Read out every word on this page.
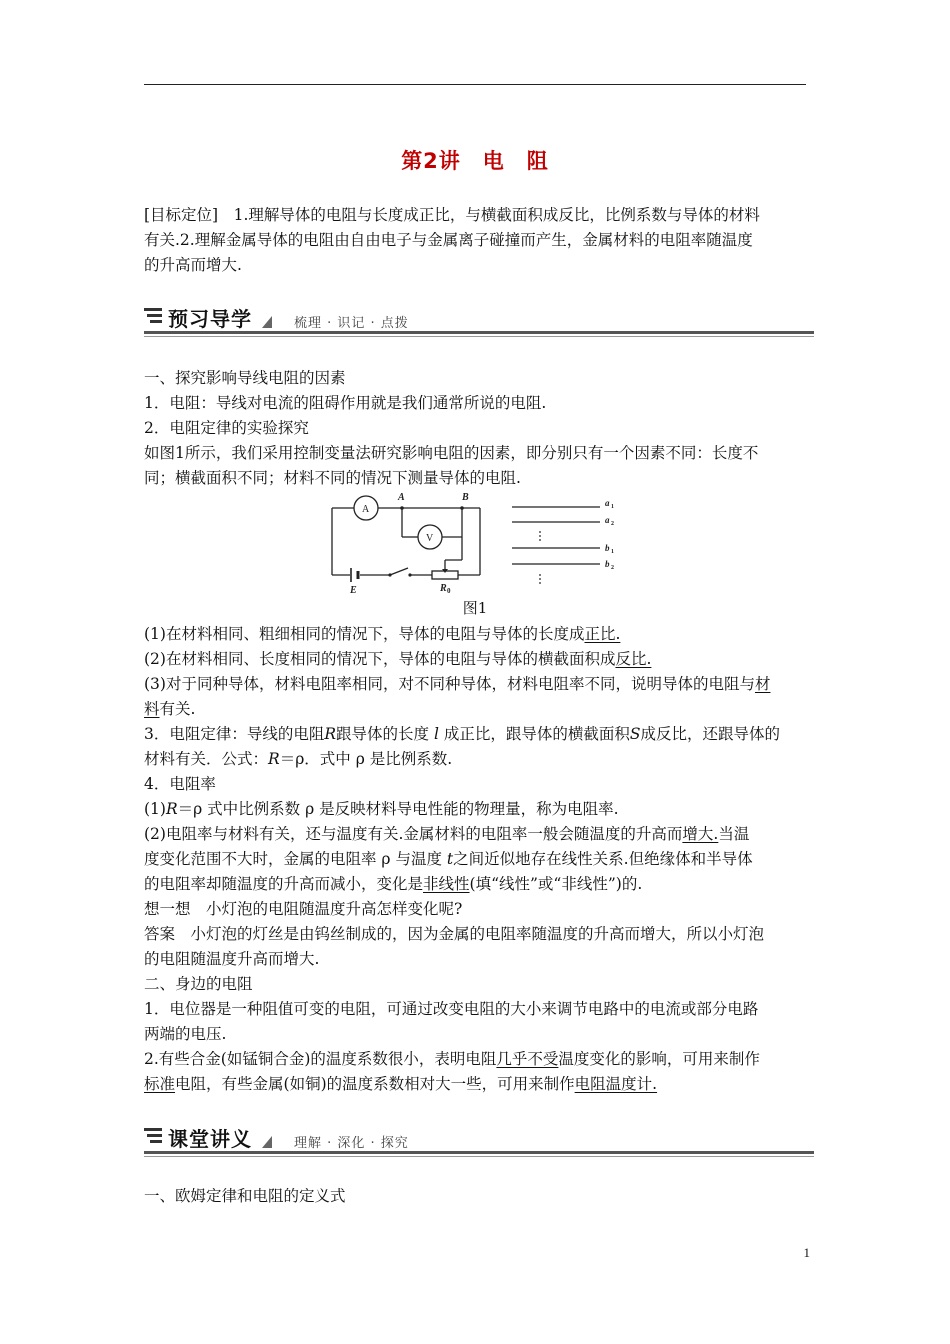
第2讲　电　阻
[目标定位]　1.理解导体的电阻与长度成正比，与横截面积成反比，比例系数与导体的材料
有关.2.理解金属导体的电阻由自由电子与金属离子碰撞而产生，金属材料的电阻率随温度
的升高而增大.
预习导学	梳理 · 识记 · 点拨
一、探究影响导线电阻的因素
1．电阻：导线对电流的阻碍作用就是我们通常所说的电阻.
2．电阻定律的实验探究
如图1所示，我们采用控制变量法研究影响电阻的因素，即分别只有一个因素不同：长度不
同；横截面积不同；材料不同的情况下测量导体的电阻.
A
V
A	B
E	R 0
a 1
a 2
b 1
b 2
图1
(1)在材料相同、粗细相同的情况下，导体的电阻与导体的长度成正比.
(2)在材料相同、长度相同的情况下，导体的电阻与导体的横截面积成反比.
(3)对于同种导体，材料电阻率相同，对不同种导体，材料电阻率不同，说明导体的电阻与材
料有关.
3．电阻定律：导线的电阻R跟导体的长度 l 成正比，跟导体的横截面积S成反比，还跟导体的
材料有关．公式：R＝ρ．式中 ρ 是比例系数.
4．电阻率
(1)R＝ρ 式中比例系数 ρ 是反映材料导电性能的物理量，称为电阻率.
(2)电阻率与材料有关，还与温度有关.金属材料的电阻率一般会随温度的升高而增大.当温
度变化范围不大时，金属的电阻率 ρ 与温度 t之间近似地存在线性关系.但绝缘体和半导体
的电阻率却随温度的升高而减小，变化是非线性(填“线性”或“非线性”)的.
想一想　小灯泡的电阻随温度升高怎样变化呢?
答案　小灯泡的灯丝是由钨丝制成的，因为金属的电阻率随温度的升高而增大，所以小灯泡
的电阻随温度升高而增大.
二、身边的电阻
1．电位器是一种阻值可变的电阻，可通过改变电阻的大小来调节电路中的电流或部分电路
两端的电压.
2.有些合金(如锰铜合金)的温度系数很小，表明电阻几乎不受温度变化的影响，可用来制作
标准电阻，有些金属(如铜)的温度系数相对大一些，可用来制作电阻温度计.
课堂讲义	理解 · 深化 · 探究
一、欧姆定律和电阻的定义式
1
